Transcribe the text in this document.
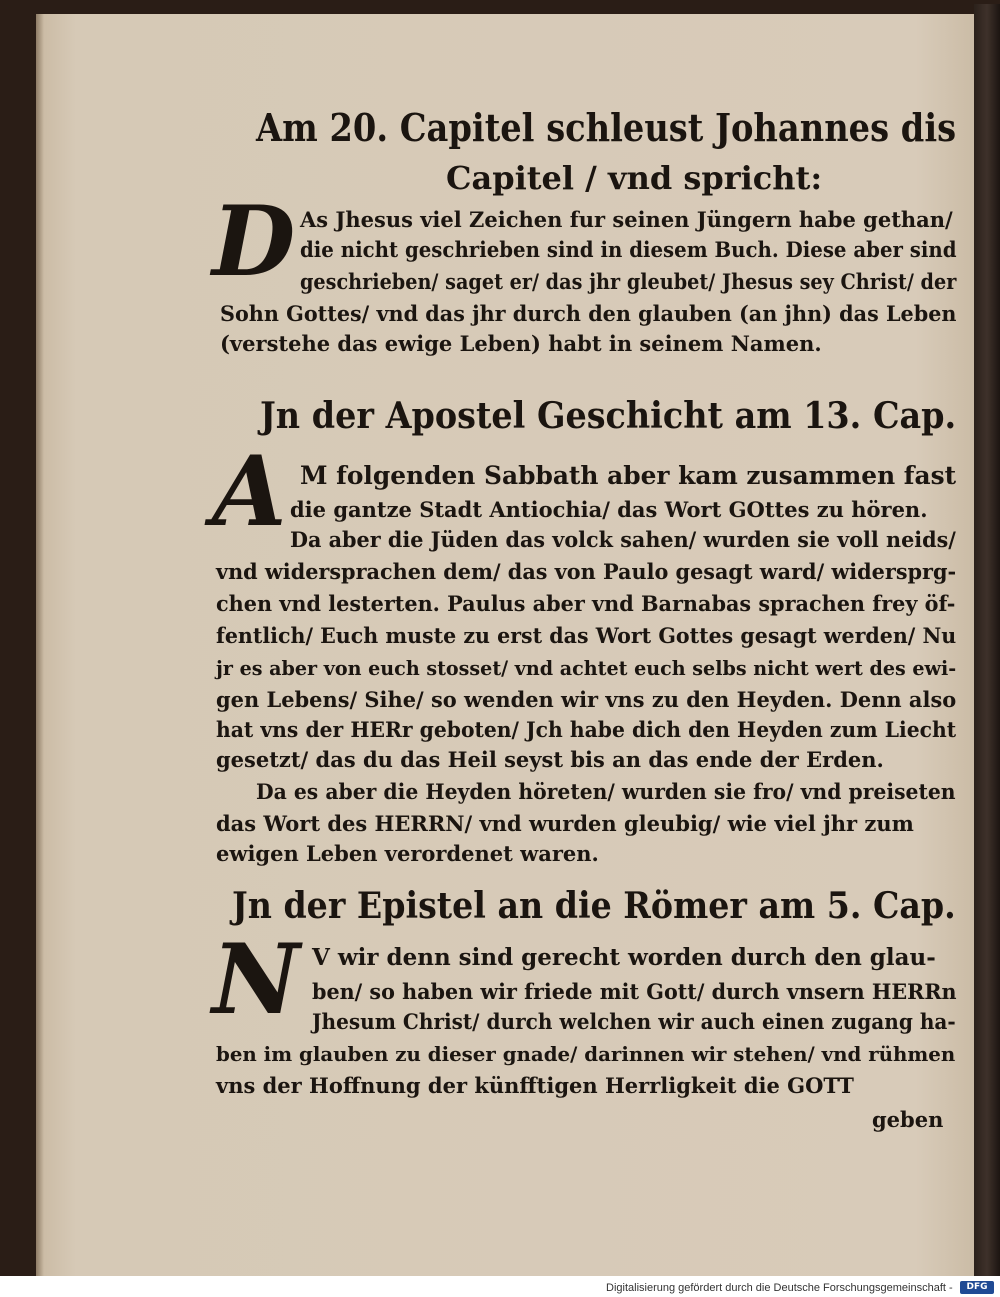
Am 20. Capitel schleust Johannes dis
Capitel / vnd spricht:
D As Jhesus viel Zeichen fur seinen Jüngern habe gethan/
die nicht geschrieben sind in diesem Buch. Diese aber sind
geschrieben/ saget er/ das jhr gleubet/ Jhesus sey Christ/ der
Sohn Gottes/ vnd das jhr durch den glauben (an jhn) das Leben
(verstehe das ewige Leben) habt in seinem Namen.
Jn der Apostel Geschicht am 13. Cap.
A M folgenden Sabbath aber kam zusammen fast
die gantze Stadt Antiochia/ das Wort GOttes zu hören.
Da aber die Jüden das volck sahen/ wurden sie voll neids/
vnd widersprachen dem/ das von Paulo gesagt ward/ widersprg-
chen vnd lesterten. Paulus aber vnd Barnabas sprachen frey öf-
fentlich/ Euch muste zu erst das Wort Gottes gesagt werden/ Nu
jr es aber von euch stosset/ vnd achtet euch selbs nicht wert des ewi-
gen Lebens/ Sihe/ so wenden wir vns zu den Heyden. Denn also
hat vns der HERr geboten/ Jch habe dich den Heyden zum Liecht
gesetzt/ das du das Heil seyst bis an das ende der Erden.
Da es aber die Heyden höreten/ wurden sie fro/ vnd preiseten
das Wort des HERRN/ vnd wurden gleubig/ wie viel jhr zum
ewigen Leben verordenet waren.
Jn der Epistel an die Römer am 5. Cap.
N V wir denn sind gerecht worden durch den glau-
ben/ so haben wir friede mit Gott/ durch vnsern HERRn
Jhesum Christ/ durch welchen wir auch einen zugang ha-
ben im glauben zu dieser gnade/ darinnen wir stehen/ vnd rühmen
vns der Hoffnung der künfftigen Herrligkeit die GOTT
geben
Digitalisierung gefördert durch die Deutsche Forschungsgemeinschaft -	DFG
